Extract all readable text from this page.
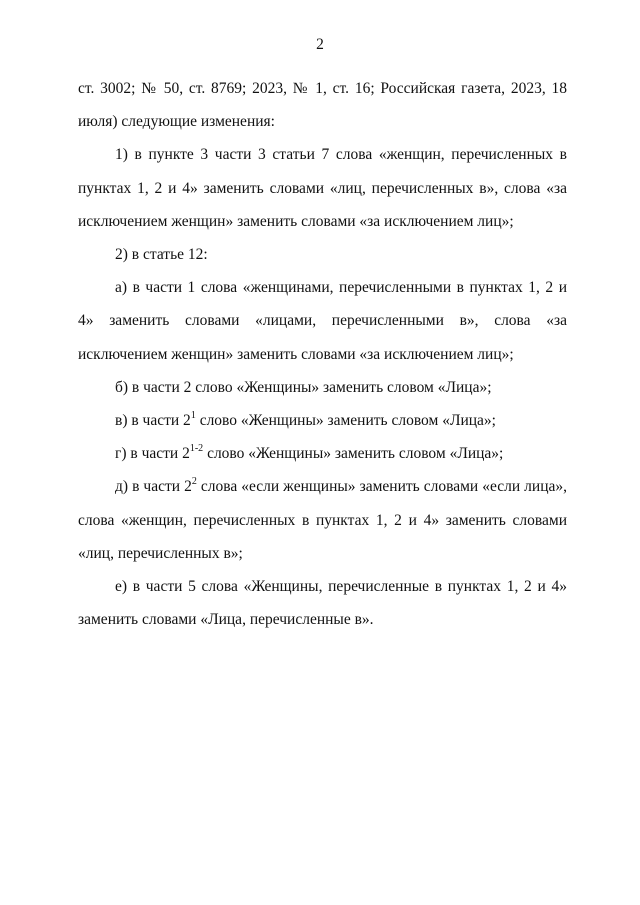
2

ст. 3002; № 50, ст. 8769; 2023, № 1, ст. 16; Российская газета, 2023, 18 июля) следующие изменения:

1) в пункте 3 части 3 статьи 7 слова «женщин, перечисленных в пунктах 1, 2 и 4» заменить словами «лиц, перечисленных в», слова «за исключением женщин» заменить словами «за исключением лиц»;

2) в статье 12:

а) в части 1 слова «женщинами, перечисленными в пунктах 1, 2 и 4» заменить словами «лицами, перечисленными в», слова «за исключением женщин» заменить словами «за исключением лиц»;

б) в части 2 слово «Женщины» заменить словом «Лица»;

в) в части $2^1$ слово «Женщины» заменить словом «Лица»;

г) в части 2$^{1-2}$ слово «Женщины» заменить словом «Лица»;

д) в части $2^2$ слова «если женщины» заменить словами «если лица», слова «женщин, перечисленных в пунктах 1, 2 и 4» заменить словами «лиц, перечисленных в»;

е) в части 5 слова «Женщины, перечисленные в пунктах 1, 2 и 4» заменить словами «Лица, перечисленные в».
